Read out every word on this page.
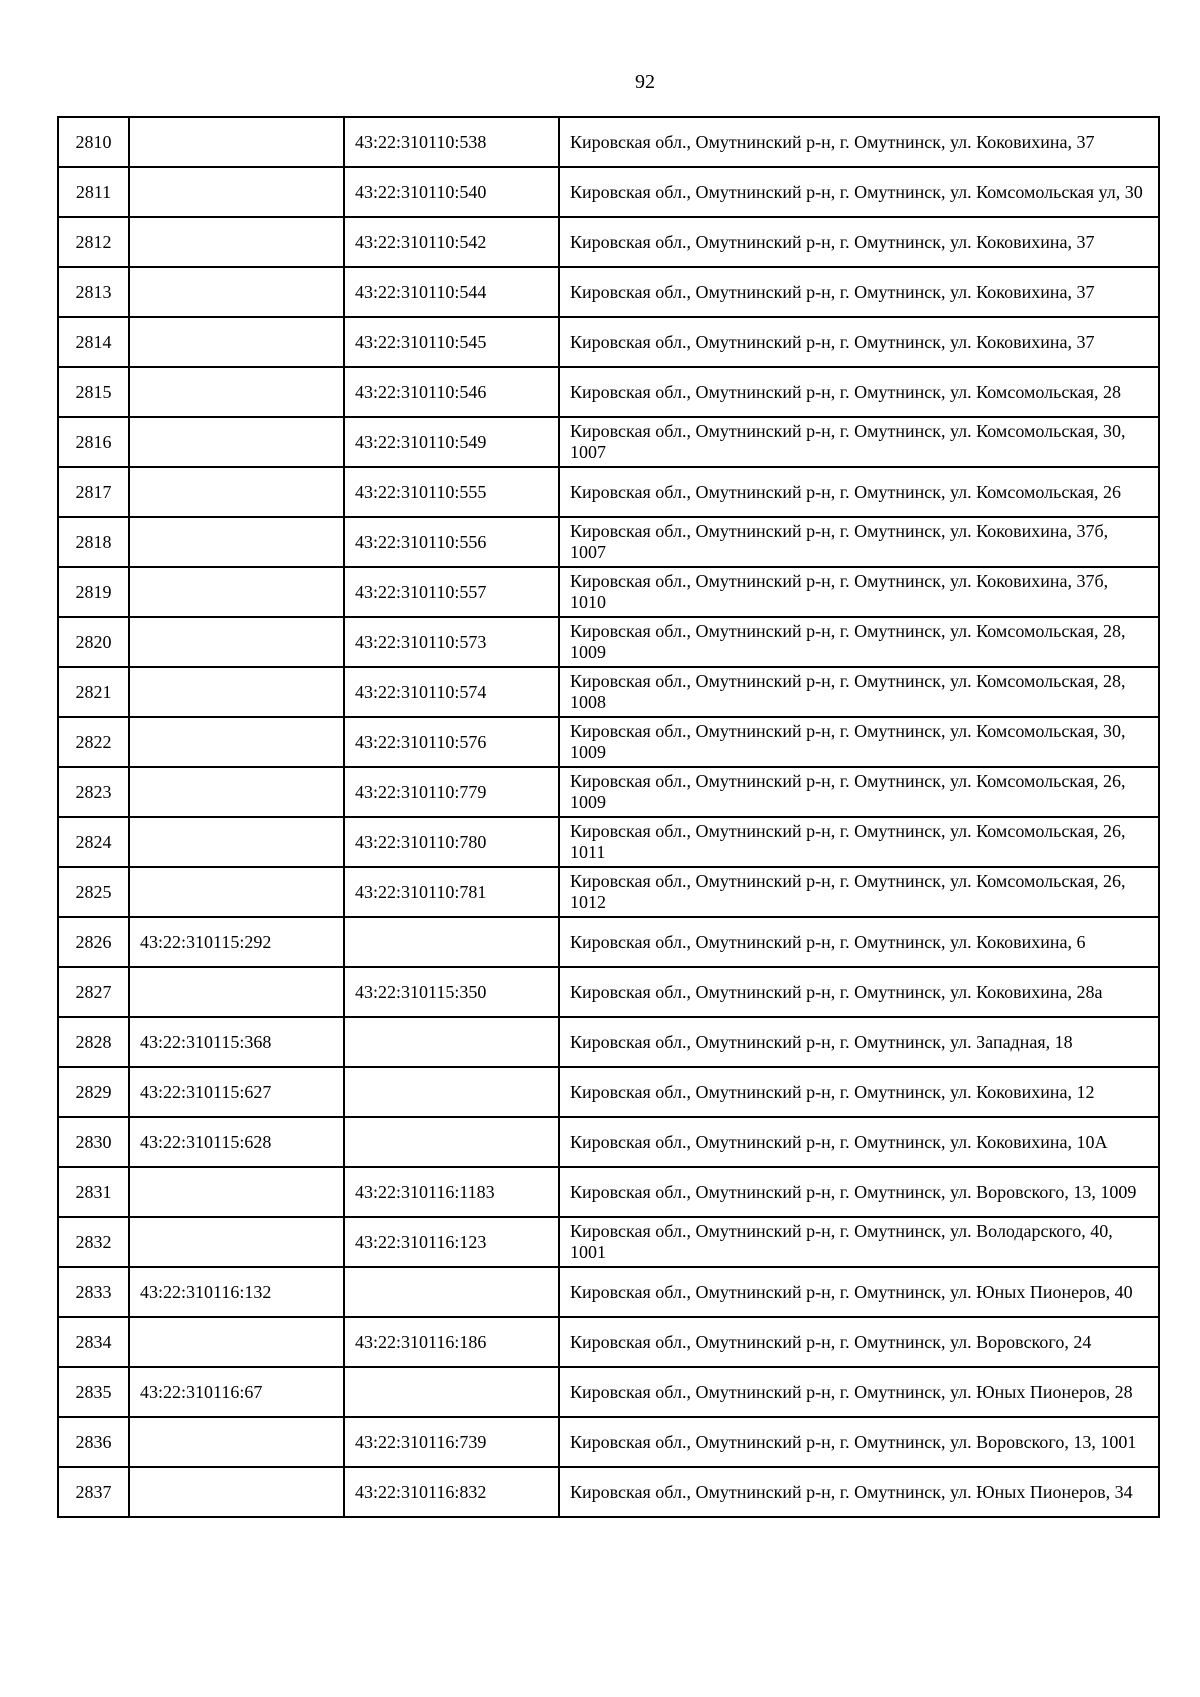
92
2810		43:22:310110:538	Кировская обл., Омутнинский р-н, г. Омутнинск, ул. Коковихина, 37
2811		43:22:310110:540	Кировская обл., Омутнинский р-н, г. Омутнинск, ул. Комсомольская ул, 30
2812		43:22:310110:542	Кировская обл., Омутнинский р-н, г. Омутнинск, ул. Коковихина, 37
2813		43:22:310110:544	Кировская обл., Омутнинский р-н, г. Омутнинск, ул. Коковихина, 37
2814		43:22:310110:545	Кировская обл., Омутнинский р-н, г. Омутнинск, ул. Коковихина, 37
2815		43:22:310110:546	Кировская обл., Омутнинский р-н, г. Омутнинск, ул. Комсомольская, 28
2816		43:22:310110:549	Кировская обл., Омутнинский р-н, г. Омутнинск, ул. Комсомольская, 30, 1007
2817		43:22:310110:555	Кировская обл., Омутнинский р-н, г. Омутнинск, ул. Комсомольская, 26
2818		43:22:310110:556	Кировская обл., Омутнинский р-н, г. Омутнинск, ул. Коковихина, 37б, 1007
2819		43:22:310110:557	Кировская обл., Омутнинский р-н, г. Омутнинск, ул. Коковихина, 37б, 1010
2820		43:22:310110:573	Кировская обл., Омутнинский р-н, г. Омутнинск, ул. Комсомольская, 28, 1009
2821		43:22:310110:574	Кировская обл., Омутнинский р-н, г. Омутнинск, ул. Комсомольская, 28, 1008
2822		43:22:310110:576	Кировская обл., Омутнинский р-н, г. Омутнинск, ул. Комсомольская, 30, 1009
2823		43:22:310110:779	Кировская обл., Омутнинский р-н, г. Омутнинск, ул. Комсомольская, 26, 1009
2824		43:22:310110:780	Кировская обл., Омутнинский р-н, г. Омутнинск, ул. Комсомольская, 26, 1011
2825		43:22:310110:781	Кировская обл., Омутнинский р-н, г. Омутнинск, ул. Комсомольская, 26, 1012
2826	43:22:310115:292		Кировская обл., Омутнинский р-н, г. Омутнинск, ул. Коковихина, 6
2827		43:22:310115:350	Кировская обл., Омутнинский р-н, г. Омутнинск, ул. Коковихина, 28а
2828	43:22:310115:368		Кировская обл., Омутнинский р-н, г. Омутнинск, ул. Западная, 18
2829	43:22:310115:627		Кировская обл., Омутнинский р-н, г. Омутнинск, ул. Коковихина, 12
2830	43:22:310115:628		Кировская обл., Омутнинский р-н, г. Омутнинск, ул. Коковихина, 10А
2831		43:22:310116:1183	Кировская обл., Омутнинский р-н, г. Омутнинск, ул. Воровского, 13, 1009
2832		43:22:310116:123	Кировская обл., Омутнинский р-н, г. Омутнинск, ул. Володарского, 40, 1001
2833	43:22:310116:132		Кировская обл., Омутнинский р-н, г. Омутнинск, ул. Юных Пионеров, 40
2834		43:22:310116:186	Кировская обл., Омутнинский р-н, г. Омутнинск, ул. Воровского, 24
2835	43:22:310116:67		Кировская обл., Омутнинский р-н, г. Омутнинск, ул. Юных Пионеров, 28
2836		43:22:310116:739	Кировская обл., Омутнинский р-н, г. Омутнинск, ул. Воровского, 13, 1001
2837		43:22:310116:832	Кировская обл., Омутнинский р-н, г. Омутнинск, ул. Юных Пионеров, 34
